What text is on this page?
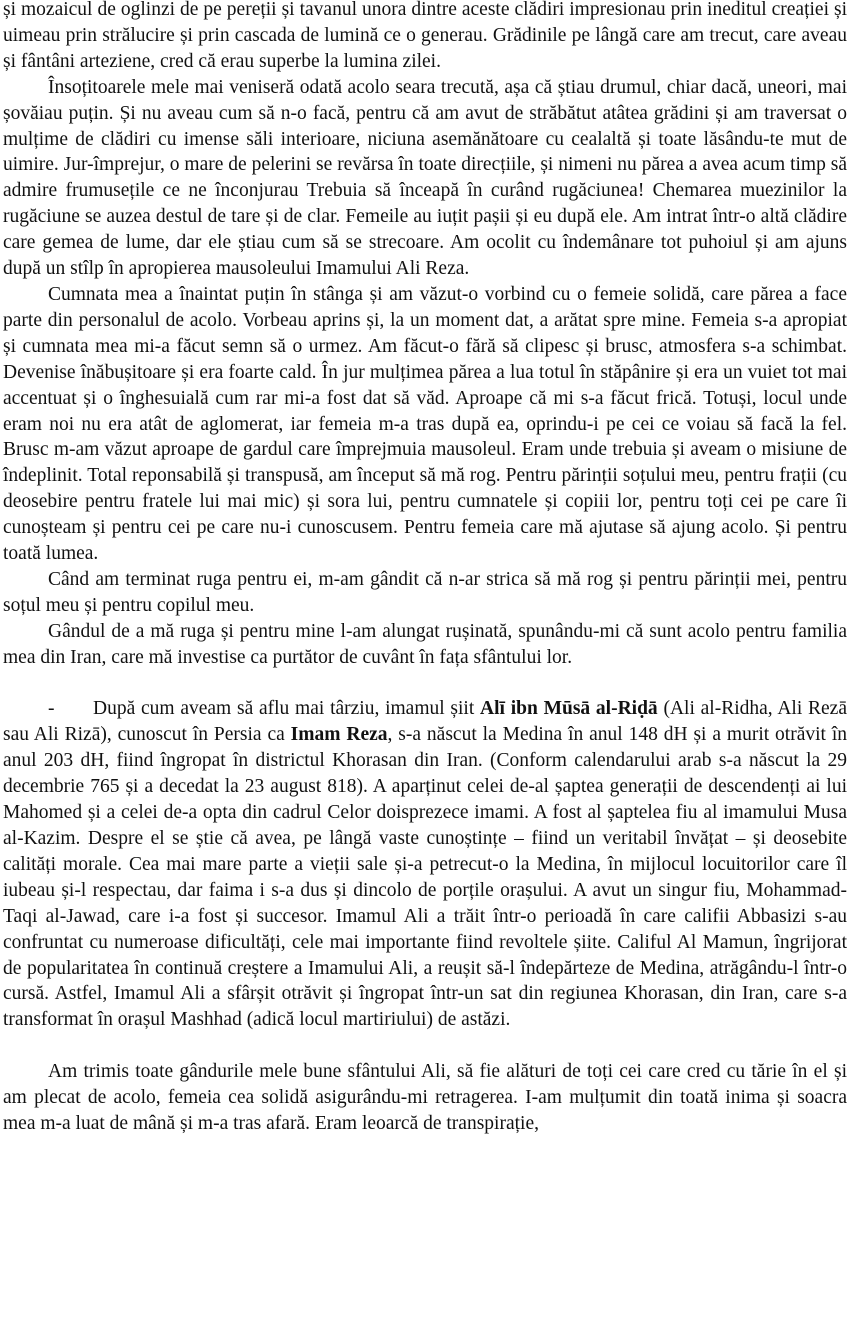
și mozaicul de oglinzi de pe pereții și tavanul unora dintre aceste clădiri impresionau prin ineditul creației și uimeau prin strălucire și prin cascada de lumină ce o generau. Grădinile pe lângă care am trecut, care aveau și fântâni arteziene, cred că erau superbe la lumina zilei.

Însoțitoarele mele mai veniseră odată acolo seara trecută, așa că știau drumul, chiar dacă, uneori, mai șovăiau puțin. Și nu aveau cum să n-o facă, pentru că am avut de străbătut atâtea grădini și am traversat o mulțime de clădiri cu imense săli interioare, niciuna asemănătoare cu cealaltă și toate lăsându-te mut de uimire. Jur-împrejur, o mare de pelerini se revărsa în toate direcțiile, și nimeni nu părea a avea acum timp să admire frumusețile ce ne înconjurau Trebuia să înceapă în curând rugăciunea! Chemarea muezinilor la rugăciune se auzea destul de tare și de clar. Femeile au iuțit pașii și eu după ele. Am intrat într-o altă clădire care gemea de lume, dar ele știau cum să se strecoare. Am ocolit cu îndemânare tot puhoiul și am ajuns după un stîlp în apropierea mausoleului Imamului Ali Reza.

Cumnata mea a înaintat puțin în stânga și am văzut-o vorbind cu o femeie solidă, care părea a face parte din personalul de acolo. Vorbeau aprins și, la un moment dat, a arătat spre mine. Femeia s-a apropiat și cumnata mea mi-a făcut semn să o urmez. Am făcut-o fără să clipesc și brusc, atmosfera s-a schimbat. Devenise înăbușitoare și era foarte cald. În jur mulțimea părea a lua totul în stăpânire și era un vuiet tot mai accentuat și o înghesuială cum rar mi-a fost dat să văd. Aproape că mi s-a făcut frică. Totuși, locul unde eram noi nu era atât de aglomerat, iar femeia m-a tras după ea, oprindu-i pe cei ce voiau să facă la fel. Brusc m-am văzut aproape de gardul care împrejmuia mausoleul. Eram unde trebuia și aveam o misiune de îndeplinit. Total reponsabilă și transpusă, am început să mă rog. Pentru părinții soțului meu, pentru frații (cu deosebire pentru fratele lui mai mic) și sora lui, pentru cumnatele și copiii lor, pentru toți cei pe care îi cunoșteam și pentru cei pe care nu-i cunoscusem. Pentru femeia care mă ajutase să ajung acolo. Și pentru toată lumea.

Când am terminat ruga pentru ei, m-am gândit că n-ar strica să mă rog și pentru părinții mei, pentru soțul meu și pentru copilul meu.

Gândul de a mă ruga și pentru mine l-am alungat rușinată, spunându-mi că sunt acolo pentru familia mea din Iran, care mă investise ca purtător de cuvânt în fața sfântului lor.

- După cum aveam să aflu mai târziu, imamul șiit Alī ibn Mūsā al-Riḍā (Ali al-Ridha, Ali Rezā sau Ali Rizā), cunoscut în Persia ca Imam Reza, s-a născut la Medina în anul 148 dH și a murit otrăvit în anul 203 dH, fiind îngropat în districtul Khorasan din Iran. (Conform calendarului arab s-a născut la 29 decembrie 765 și a decedat la 23 august 818). A aparținut celei de-al șaptea generații de descendenți ai lui Mahomed și a celei de-a opta din cadrul Celor doisprezece imami. A fost al șaptelea fiu al imamului Musa al-Kazim. Despre el se știe că avea, pe lângă vaste cunoștințe – fiind un veritabil învățat – și deosebite calități morale. Cea mai mare parte a vieții sale și-a petrecut-o la Medina, în mijlocul locuitorilor care îl iubeau și-l respectau, dar faima i s-a dus și dincolo de porțile orașului. A avut un singur fiu, Mohammad-Taqi al-Jawad, care i-a fost și succesor. Imamul Ali a trăit într-o perioadă în care califii Abbasizi s-au confruntat cu numeroase dificultăți, cele mai importante fiind revoltele șiite. Califul Al Mamun, îngrijorat de popularitatea în continuă creștere a Imamului Ali, a reușit să-l îndepărteze de Medina, atrăgându-l într-o cursă. Astfel, Imamul Ali a sfârșit otrăvit și îngropat într-un sat din regiunea Khorasan, din Iran, care s-a transformat în orașul Mashhad (adică locul martiriului) de astăzi.

Am trimis toate gândurile mele bune sfântului Ali, să fie alături de toți cei care cred cu tărie în el și am plecat de acolo, femeia cea solidă asigurându-mi retragerea. I-am mulțumit din toată inima și soacra mea m-a luat de mână și m-a tras afară. Eram leoarcă de transpirație,
